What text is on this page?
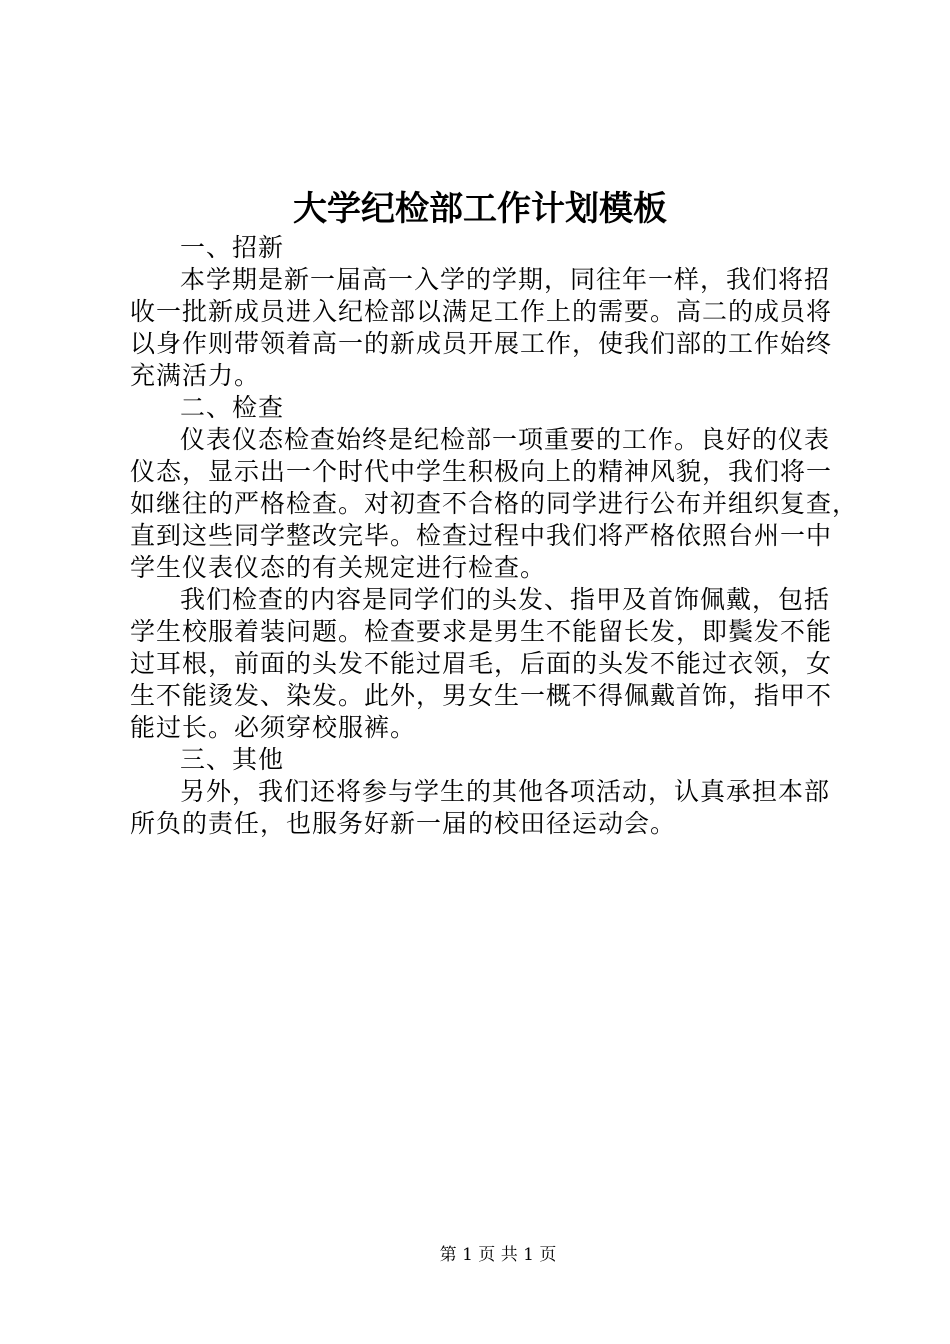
大学纪检部工作计划模板
一、招新
本学期是新一届高一入学的学期，同往年一样，我们将招
收一批新成员进入纪检部以满足工作上的需要。高二的成员将
以身作则带领着高一的新成员开展工作，使我们部的工作始终
充满活力。
二、检查
仪表仪态检查始终是纪检部一项重要的工作。良好的仪表
仪态，显示出一个时代中学生积极向上的精神风貌，我们将一
如继往的严格检查。对初查不合格的同学进行公布并组织复查，
直到这些同学整改完毕。检查过程中我们将严格依照台州一中
学生仪表仪态的有关规定进行检查。
我们检查的内容是同学们的头发、指甲及首饰佩戴，包括
学生校服着装问题。检查要求是男生不能留长发，即鬓发不能
过耳根，前面的头发不能过眉毛，后面的头发不能过衣领，女
生不能烫发、染发。此外，男女生一概不得佩戴首饰，指甲不
能过长。必须穿校服裤。
三、其他
另外，我们还将参与学生的其他各项活动，认真承担本部
所负的责任，也服务好新一届的校田径运动会。
第 1 页 共 1 页
